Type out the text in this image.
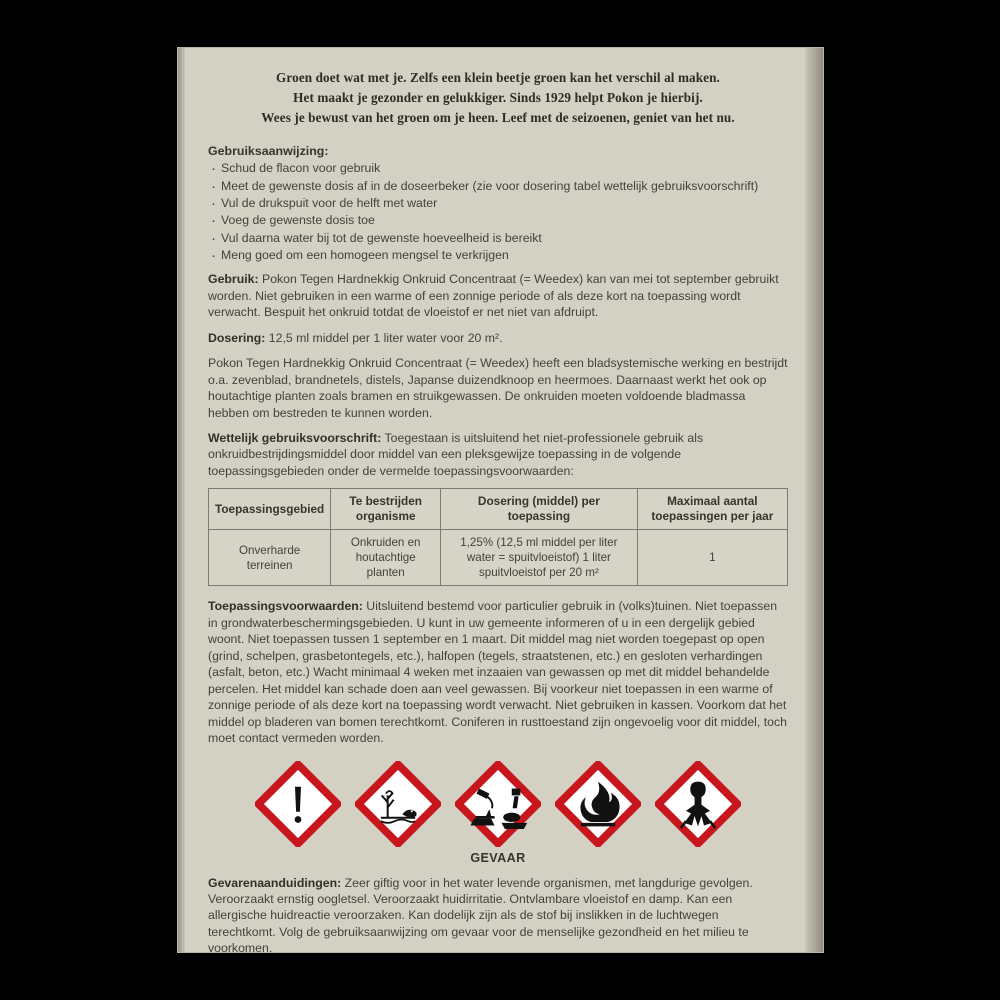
Groen doet wat met je. Zelfs een klein beetje groen kan het verschil al maken.
Het maakt je gezonder en gelukkiger. Sinds 1929 helpt Pokon je hierbij.
Wees je bewust van het groen om je heen. Leef met de seizoenen, geniet van het nu.
Gebruiksaanwijzing:
· Schud de flacon voor gebruik
· Meet de gewenste dosis af in de doseerbeker (zie voor dosering tabel wettelijk gebruiksvoorschrift)
· Vul de drukspuit voor de helft met water
· Voeg de gewenste dosis toe
· Vul daarna water bij tot de gewenste hoeveelheid is bereikt
· Meng goed om een homogeen mengsel te verkrijgen

Gebruik: Pokon Tegen Hardnekkig Onkruid Concentraat (= Weedex) kan van mei tot september gebruikt worden. Niet gebruiken in een warme of een zonnige periode of als deze kort na toepassing wordt verwacht. Bespuit het onkruid totdat de vloeistof er net niet van afdruipt.

Dosering: 12,5 ml middel per 1 liter water voor 20 m².

Pokon Tegen Hardnekkig Onkruid Concentraat (= Weedex) heeft een bladsystemische werking en bestrijdt o.a. zevenblad, brandnetels, distels, Japanse duizendknoop en heermoes. Daarnaast werkt het ook op houtachtige planten zoals bramen en struikgewassen. De onkruiden moeten voldoende bladmassa hebben om bestreden te kunnen worden.

Wettelijk gebruiksvoorschrift: Toegestaan is uitsluitend het niet-professionele gebruik als onkruidbestrijdingsmiddel door middel van een pleksgewijze toepassing in de volgende toepassingsgebieden onder de vermelde toepassingsvoorwaarden:

Toepassingsgebied	Te bestrijden organisme	Dosering (middel) per toepassing	Maximaal aantal toepassingen per jaar
Onverharde terreinen	Onkruiden en houtachtige planten	1,25% (12,5 ml middel per liter water = spuitvloeistof) 1 liter spuitvloeistof per 20 m²	1

Toepassingsvoorwaarden: Uitsluitend bestemd voor particulier gebruik in (volks)tuinen. Niet toepassen in grondwaterbeschermingsgebieden. U kunt in uw gemeente informeren of u in een dergelijk gebied woont. Niet toepassen tussen 1 september en 1 maart. Dit middel mag niet worden toegepast op open (grind, schelpen, grasbetontegels, etc.), halfopen (tegels, straatstenen, etc.) en gesloten verhardingen (asfalt, beton, etc.) Wacht minimaal 4 weken met inzaaien van gewassen op met dit middel behandelde percelen. Het middel kan schade doen aan veel gewassen. Bij voorkeur niet toepassen in een warme of zonnige periode of als deze kort na toepassing wordt verwacht. Niet gebruiken in kassen. Voorkom dat het middel op bladeren van bomen terechtkomt. Coniferen in rusttoestand zijn ongevoelig voor dit middel, toch moet contact vermeden worden.

GEVAAR

Gevarenaanduidingen: Zeer giftig voor in het water levende organismen, met langdurige gevolgen. Veroorzaakt ernstig oogletsel. Veroorzaakt huidirritatie. Ontvlambare vloeistof en damp. Kan een allergische huidreactie veroorzaken. Kan dodelijk zijn als de stof bij inslikken in de luchtwegen terechtkomt. Volg de gebruiksaanwijzing om gevaar voor de menselijke gezondheid en het milieu te voorkomen.
